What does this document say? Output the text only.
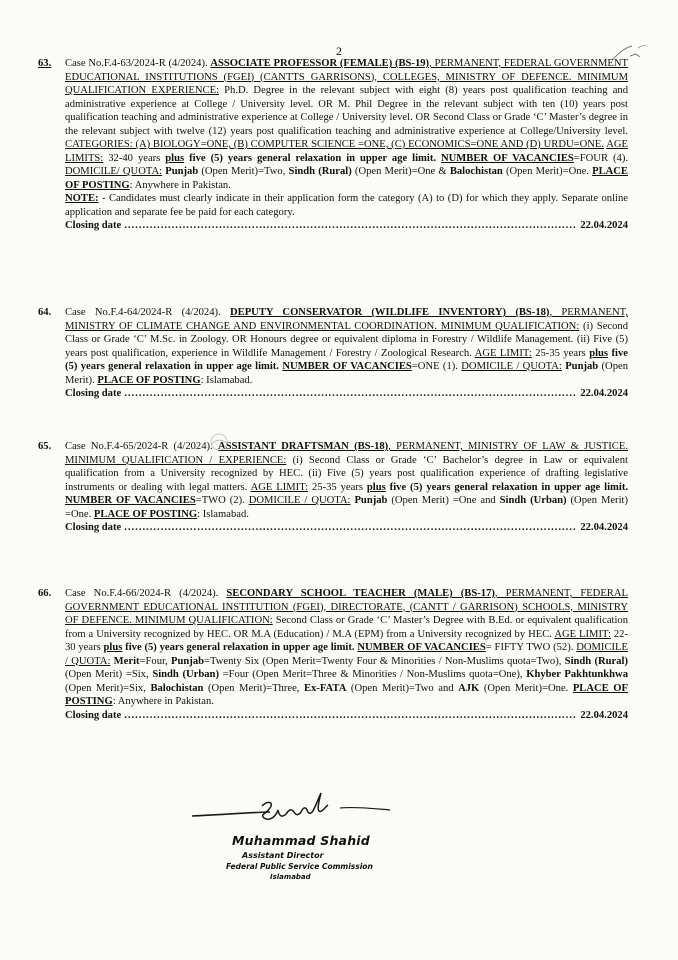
2
63.	Case No.F.4-63/2024-R (4/2024). ASSOCIATE PROFESSOR (FEMALE) (BS-19), PERMANENT, FEDERAL GOVERNMENT EDUCATIONAL INSTITUTIONS (FGEI) (CANTTS GARRISONS), COLLEGES, MINISTRY OF DEFENCE. MINIMUM QUALIFICATION EXPERIENCE: Ph.D. Degree in the relevant subject with eight (8) years post qualification teaching and administrative experience at College / University level. OR M. Phil Degree in the relevant subject with ten (10) years post qualification teaching and administrative experience at College / University level. OR Second Class or Grade ‘C’ Master’s degree in the relevant subject with twelve (12) years post qualification teaching and administrative experience at College/University level. CATEGORIES: (A) BIOLOGY=ONE, (B) COMPUTER SCIENCE =ONE, (C) ECONOMICS=ONE AND (D) URDU=ONE. AGE LIMITS: 32-40 years plus five (5) years general relaxation in upper age limit. NUMBER OF VACANCIES=FOUR (4). DOMICILE/ QUOTA: Punjab (Open Merit)=Two, Sindh (Rural) (Open Merit)=One & Balochistan (Open Merit)=One. PLACE OF POSTING: Anywhere in Pakistan.
NOTE: - Candidates must clearly indicate in their application form the category (A) to (D) for which they apply. Separate online application and separate fee be paid for each category.
Closing date .....	22.04.2024
64.	Case No.F.4-64/2024-R (4/2024). DEPUTY CONSERVATOR (WILDLIFE INVENTORY) (BS-18), PERMANENT, MINISTRY OF CLIMATE CHANGE AND ENVIRONMENTAL COORDINATION. MINIMUM QUALIFICATION: (i) Second Class or Grade ‘C’ M.Sc. in Zoology. OR Honours degree or equivalent diploma in Forestry / Wildlife Management. (ii) Five (5) years post qualification, experience in Wildlife Management / Forestry / Zoological Research. AGE LIMIT: 25-35 years plus five (5) years general relaxation in upper age limit. NUMBER OF VACANCIES=ONE (1). DOMICILE / QUOTA: Punjab (Open Merit). PLACE OF POSTING: Islamabad.
Closing date .....	22.04.2024
65.	Case No.F.4-65/2024-R (4/2024). ASSISTANT DRAFTSMAN (BS-18), PERMANENT, MINISTRY OF LAW & JUSTICE. MINIMUM QUALIFICATION / EXPERIENCE: (i) Second Class or Grade ‘C’ Bachelor’s degree in Law or equivalent qualification from a University recognized by HEC. (ii) Five (5) years post qualification experience of drafting legislative instruments or dealing with legal matters. AGE LIMIT: 25-35 years plus five (5) years general relaxation in upper age limit. NUMBER OF VACANCIES=TWO (2). DOMICILE / QUOTA: Punjab (Open Merit) =One and Sindh (Urban) (Open Merit) =One. PLACE OF POSTING: Islamabad.
Closing date .....	22.04.2024
66.	Case No.F.4-66/2024-R (4/2024). SECONDARY SCHOOL TEACHER (MALE) (BS-17), PERMANENT, FEDERAL GOVERNMENT EDUCATIONAL INSTITUTION (FGEI), DIRECTORATE, (CANTT / GARRISON) SCHOOLS, MINISTRY OF DEFENCE. MINIMUM QUALIFICATION: Second Class or Grade ‘C’ Master’s Degree with B.Ed. or equivalent qualification from a University recognized by HEC. OR M.A (Education) / M.A (EPM) from a University recognized by HEC. AGE LIMIT: 22-30 years plus five (5) years general relaxation in upper age limit. NUMBER OF VACANCIES= FIFTY TWO (52). DOMICILE / QUOTA: Merit=Four, Punjab=Twenty Six (Open Merit=Twenty Four & Minorities / Non-Muslims quota=Two), Sindh (Rural) (Open Merit) =Six, Sindh (Urban) =Four (Open Merit=Three & Minorities / Non-Muslims quota=One), Khyber Pakhtunkhwa (Open Merit)=Six, Balochistan (Open Merit)=Three, Ex-FATA (Open Merit)=Two and AJK (Open Merit)=One. PLACE OF POSTING: Anywhere in Pakistan.
Closing date .....	22.04.2024
Muhammad Shahid
Assistant Director
Federal Public Service Commission
Islamabad
